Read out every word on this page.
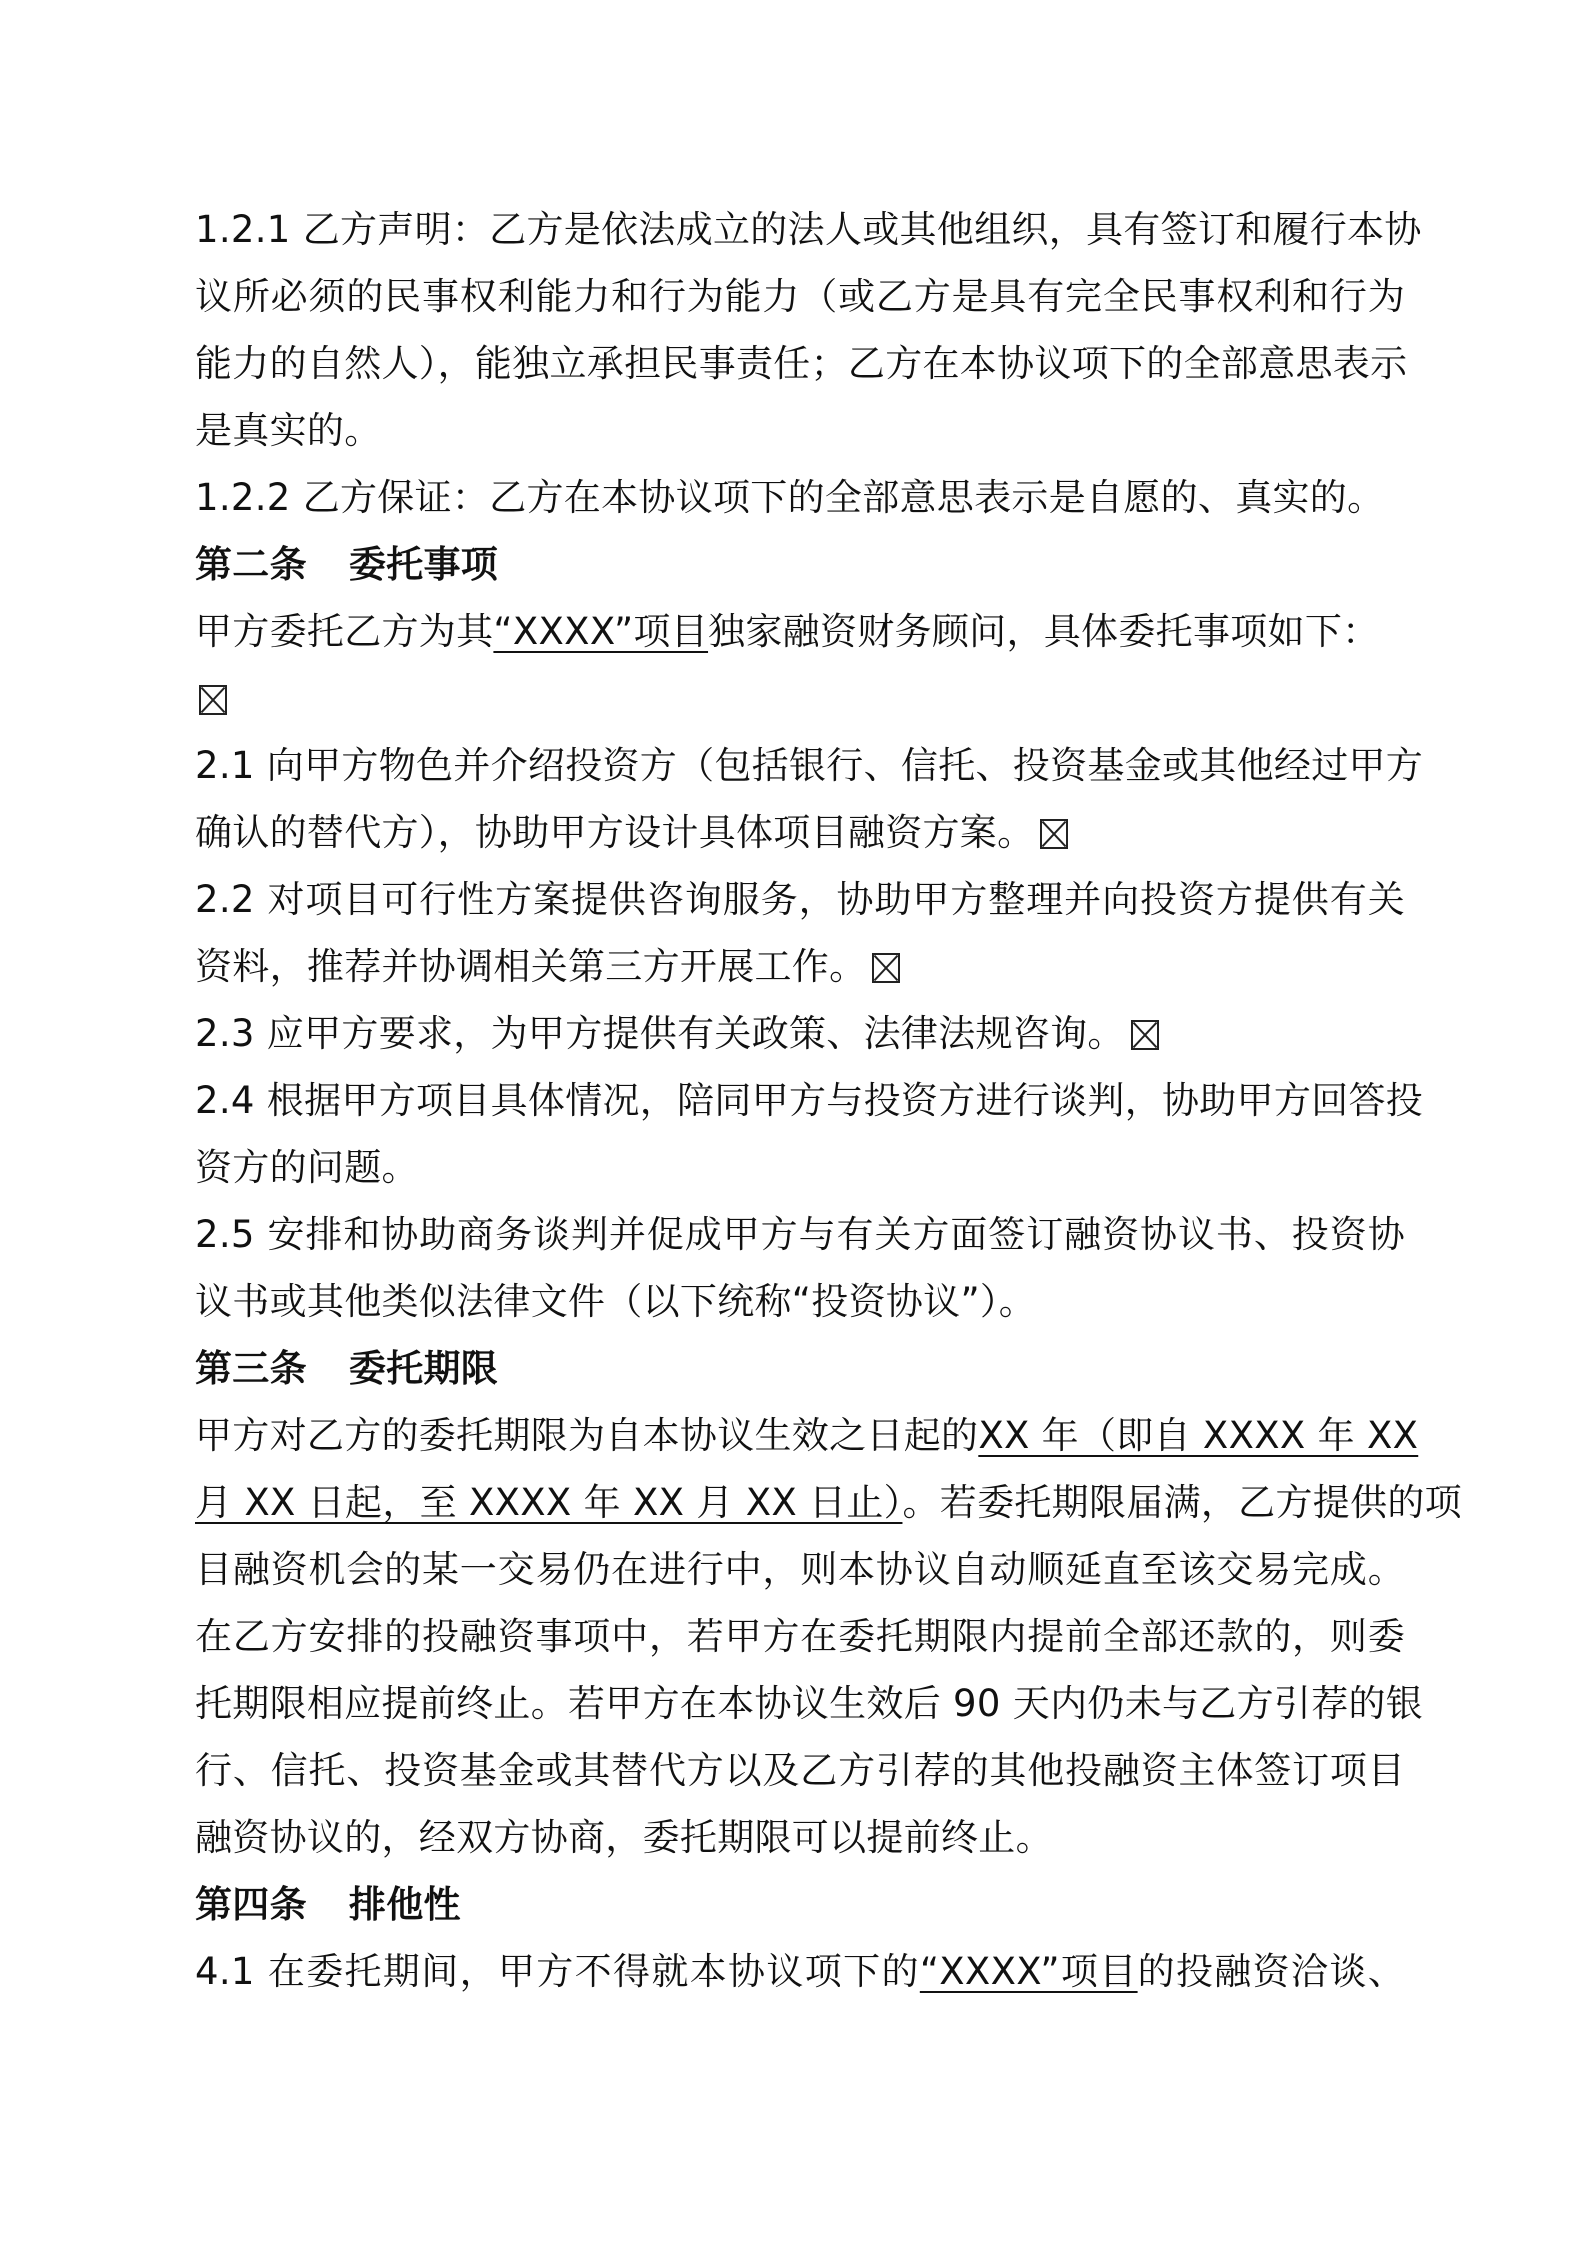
1.2.1 乙方声明：乙方是依法成立的法人或其他组织，具有签订和履行本协
议所必须的民事权利能力和行为能力（或乙方是具有完全民事权利和行为
能力的自然人），能独立承担民事责任；乙方在本协议项下的全部意思表示
是真实的。
1.2.2 乙方保证：乙方在本协议项下的全部意思表示是自愿的、真实的。
第二条 委托事项
甲方委托乙方为其“XXXX”项目独家融资财务顾问，具体委托事项如下：
2.1 向甲方物色并介绍投资方（包括银行、信托、投资基金或其他经过甲方
确认的替代方），协助甲方设计具体项目融资方案。
2.2 对项目可行性方案提供咨询服务，协助甲方整理并向投资方提供有关
资料，推荐并协调相关第三方开展工作。
2.3 应甲方要求，为甲方提供有关政策、法律法规咨询。
2.4 根据甲方项目具体情况，陪同甲方与投资方进行谈判，协助甲方回答投
资方的问题。
2.5 安排和协助商务谈判并促成甲方与有关方面签订融资协议书、投资协
议书或其他类似法律文件（以下统称“投资协议”）。
第三条 委托期限
甲方对乙方的委托期限为自本协议生效之日起的XX 年（即自 XXXX 年 XX
月 XX 日起，至 XXXX 年 XX 月 XX 日止）。若委托期限届满，乙方提供的项
目融资机会的某一交易仍在进行中，则本协议自动顺延直至该交易完成。
在乙方安排的投融资事项中，若甲方在委托期限内提前全部还款的，则委
托期限相应提前终止。若甲方在本协议生效后 90 天内仍未与乙方引荐的银
行、信托、投资基金或其替代方以及乙方引荐的其他投融资主体签订项目
融资协议的，经双方协商，委托期限可以提前终止。
第四条 排他性
4.1 在委托期间，甲方不得就本协议项下的“XXXX”项目的投融资洽谈、
